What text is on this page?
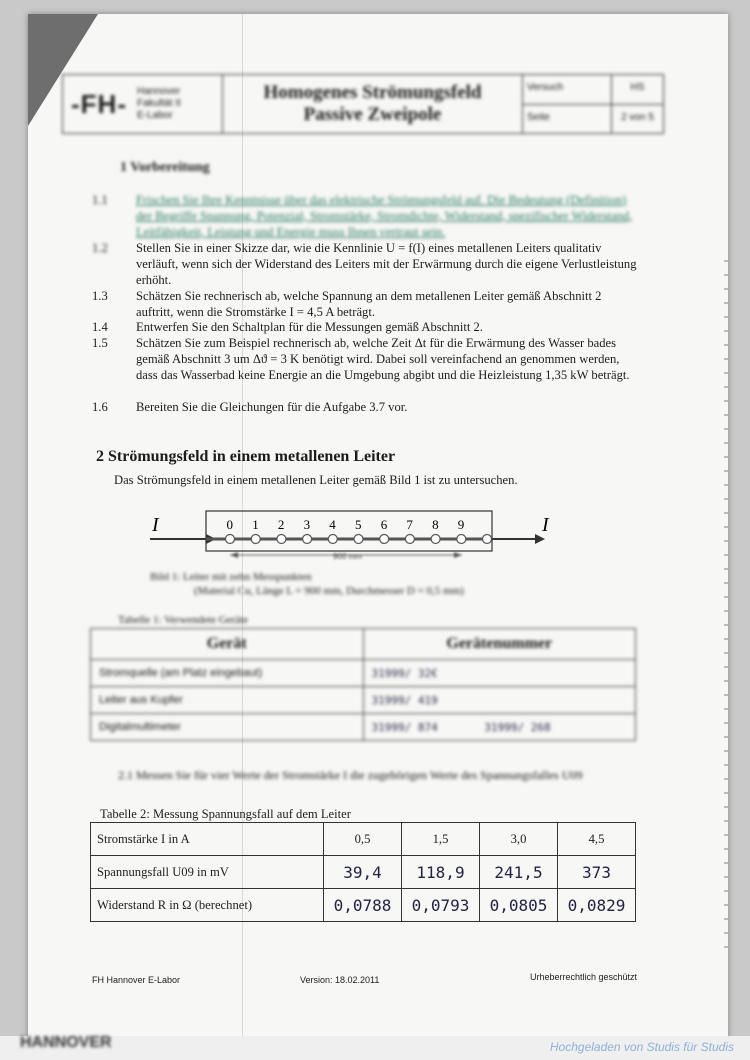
-FH- Hannover
Fakultät II
E-Labor
Homogenes Strömungsfeld
Passive Zweipole
Versuch	HS
Seite	2 von 5
1 Vorbereitung
1.1 Frischen Sie Ihre Kenntnisse über das elektrische Strömungsfeld auf. Die Bedeutung (Definition) der Begriffe Spannung, Potenzial, Stromstärke, Stromdichte, Widerstand, spezifischer Widerstand, Leitfähigkeit, Leistung und Energie muss Ihnen vertraut sein.
1.2 Stellen Sie in einer Skizze dar, wie die Kennlinie U = f(I) eines metallenen Leiters qualitativ verläuft, wenn sich der Widerstand des Leiters mit der Erwärmung durch die eigene Verlustleistung erhöht.
1.3 Schätzen Sie rechnerisch ab, welche Spannung an dem metallenen Leiter gemäß Abschnitt 2 auftritt, wenn die Stromstärke I = 4,5 A beträgt.
1.4 Entwerfen Sie den Schaltplan für die Messungen gemäß Abschnitt 2.
1.5 Schätzen Sie zum Beispiel rechnerisch ab, welche Zeit Δt für die Erwärmung des Wasser bades gemäß Abschnitt 3 um Δϑ = 3 K benötigt wird. Dabei soll vereinfachend an genommen werden, dass das Wasserbad keine Energie an die Umgebung abgibt und die Heizleistung 1,35 kW beträgt.
1.6 Bereiten Sie die Gleichungen für die Aufgabe 3.7 vor.
2 Strömungsfeld in einem metallenen Leiter
Das Strömungsfeld in einem metallenen Leiter gemäß Bild 1 ist zu untersuchen.
I	I
0 1 2 3 4 5 6 7 8 9
900 mm
Bild 1: Leiter mit zehn Messpunkten
(Material Cu, Länge L = 900 mm, Durchmesser D = 0,5 mm)
Tabelle 1: Verwendete Geräte
Gerät	Gerätenummer
Stromquelle (am Platz eingebaut)	31999/ 32€
Leiter aus Kupfer	31999/ 419
Digitalmultimeter	31999/ 874 31999/ 268
2.1 Messen Sie für vier Werte der Stromstärke I die zugehörigen Werte des Spannungsfalles U09
Tabelle 2: Messung Spannungsfall auf dem Leiter
Stromstärke I in A	0,5	1,5	3,0	4,5
Spannungsfall U09 in mV	39,4	118,9	241,5	373
Widerstand R in Ω (berechnet)	0,0788	0,0793	0,0805	0,0829
FH Hannover E-Labor	Version: 18.02.2011	Urheberrechtlich geschützt
HANNOVER	Hochgeladen von Studis für Studis
